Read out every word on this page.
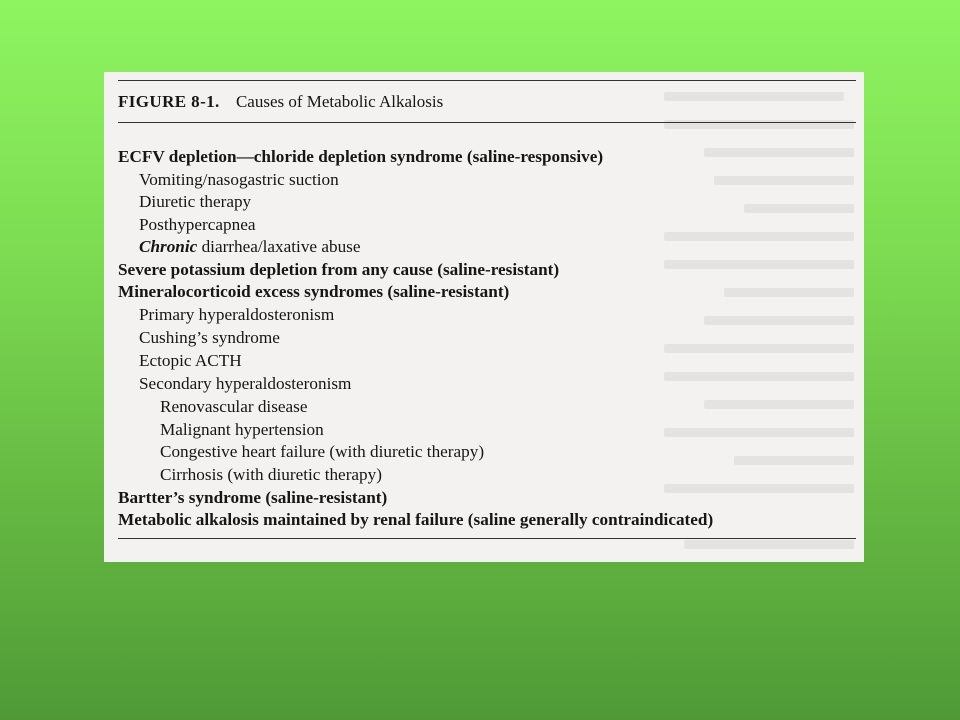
FIGURE 8-1. Causes of Metabolic Alkalosis
ECFV depletion—chloride depletion syndrome (saline-responsive)
Vomiting/nasogastric suction
Diuretic therapy
Posthypercapnea
Chronic diarrhea/laxative abuse
Severe potassium depletion from any cause (saline-resistant)
Mineralocorticoid excess syndromes (saline-resistant)
Primary hyperaldosteronism
Cushing’s syndrome
Ectopic ACTH
Secondary hyperaldosteronism
Renovascular disease
Malignant hypertension
Congestive heart failure (with diuretic therapy)
Cirrhosis (with diuretic therapy)
Bartter’s syndrome (saline-resistant)
Metabolic alkalosis maintained by renal failure (saline generally contraindicated)
